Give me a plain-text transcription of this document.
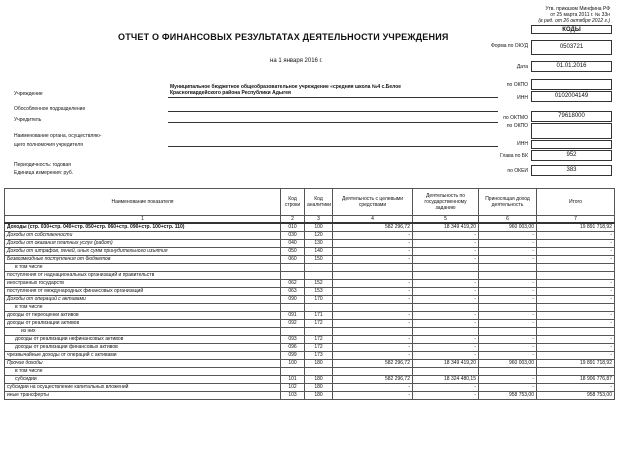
Утв. приказом Минфина РФ
от 25 марта 2011 г. № 33н
(в ред. от 26 октября 2012 г.)
ОТЧЕТ О ФИНАНСОВЫХ РЕЗУЛЬТАТАХ ДЕЯТЕЛЬНОСТИ УЧРЕЖДЕНИЯ
на 1 января 2016 г.
КОДЫ
Форма по ОКУД	0503721
Дата	01.01.2016
по ОКПО
ИНН	0102004149
по ОКТМО	79618000
по ОКПО
ИНН
Глава по БК	952
по ОКЕИ	383
Учреждение
Муниципальное бюджетное общеобразовательное учреждение «средняя школа №4 с.Белое
Красногвардейского района Республики Адыгея
Обособленное подразделение
Учредитель
Наименование органа, осуществляю-
щего полномочия учредителя
Периодичность: годовая
Единица измерения: руб.
Наименование показателя	Код строки	Код аналитики	Деятельность с целевыми средствами	Деятельность по государственному заданию	Приносящая доход деятельность	Итого
1	2	3	4	5	6	7
Доходы (стр. 030+стр. 040+стр. 050+стр. 060+стр. 090+стр. 100+стр. 110)	010	100	582 296,72	18 349 419,20	960 003,00	19 891 718,92
Доходы от собственности	030	120	-	-	-	-
Доходы от оказания платных услуг (работ)	040	130	-	-	-	-
Доходы от штрафов, пеней, иных сумм принудительного изъятия	050	140	-	-	-	-
Безвозмездные поступления от бюджетов	060	150	-	-	-	-
в том числе						
поступления от наднациональных организаций и правительств						
иностранных государств	062	152	-	-	-	-
поступления от международных финансовых организаций	063	153	-	-	-	-
Доходы от операций с активами	090	170	-	-	-	-
в том числе						
доходы от переоценки активов	091	171	-	-	-	-
доходы от реализации активов	092	172	-	-	-	-
из них						
доходы от реализации нефинансовых активов	093	172	-	-	-	-
доходы от реализации финансовых активов	096	172	-	-	-	-
чрезвычайные доходы от операций с активами	099	173	-	-	-	-
Прочие доходы	100	180	582 296,72	18 349 419,20	960 003,00	19 891 718,92
в том числе						
субсидии	101	180	582 296,72	18 324 480,15	-	18 906 776,87
субсидии на осуществление капитальных вложений	102	180	-	-	-	-
иные трансферты	103	180	-	-	958 753,00	958 753,00
